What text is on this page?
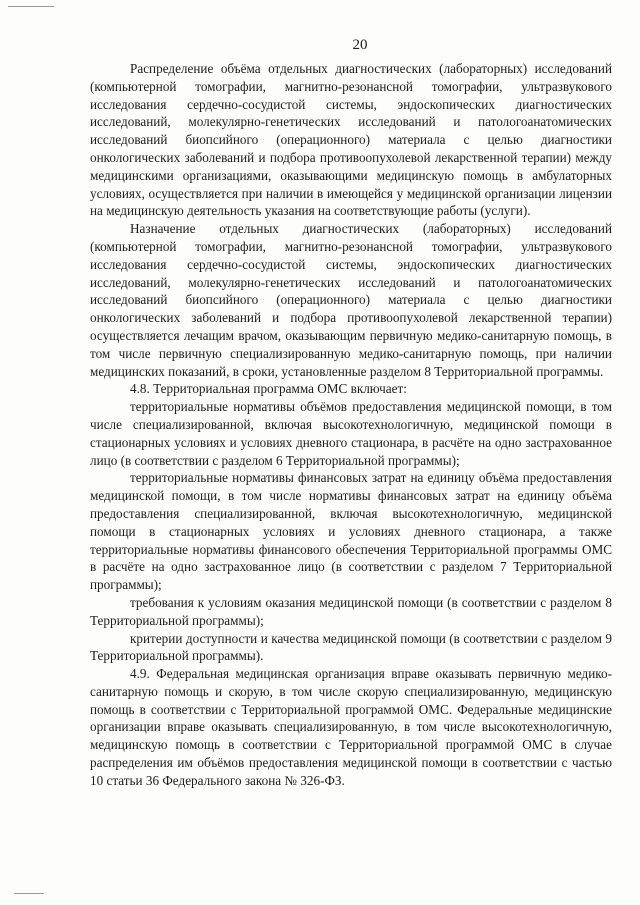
20

Распределение объёма отдельных диагностических (лабораторных) исследований (компьютерной томографии, магнитно-резонансной томографии, ультразвукового исследования сердечно-сосудистой системы, эндоскопических диагностических исследований, молекулярно-генетических исследований и патологоанатомических исследований биопсийного (операционного) материала с целью диагностики онкологических заболеваний и подбора противоопухолевой лекарственной терапии) между медицинскими организациями, оказывающими медицинскую помощь в амбулаторных условиях, осуществляется при наличии в имеющейся у медицинской организации лицензии на медицинскую деятельность указания на соответствующие работы (услуги).

Назначение отдельных диагностических (лабораторных) исследований (компьютерной томографии, магнитно-резонансной томографии, ультразвукового исследования сердечно-сосудистой системы, эндоскопических диагностических исследований, молекулярно-генетических исследований и патологоанатомических исследований биопсийного (операционного) материала с целью диагностики онкологических заболеваний и подбора противоопухолевой лекарственной терапии) осуществляется лечащим врачом, оказывающим первичную медико-санитарную помощь, в том числе первичную специализированную медико-санитарную помощь, при наличии медицинских показаний, в сроки, установленные разделом 8 Территориальной программы.

4.8. Территориальная программа ОМС включает:

территориальные нормативы объёмов предоставления медицинской помощи, в том числе специализированной, включая высокотехнологичную, медицинской помощи в стационарных условиях и условиях дневного стационара, в расчёте на одно застрахованное лицо (в соответствии с разделом 6 Территориальной программы);

территориальные нормативы финансовых затрат на единицу объёма предоставления медицинской помощи, в том числе нормативы финансовых затрат на единицу объёма предоставления специализированной, включая высокотехнологичную, медицинской помощи в стационарных условиях и условиях дневного стационара, а также территориальные нормативы финансового обеспечения Территориальной программы ОМС в расчёте на одно застрахованное лицо (в соответствии с разделом 7 Территориальной программы);

требования к условиям оказания медицинской помощи (в соответствии с разделом 8 Территориальной программы);

критерии доступности и качества медицинской помощи (в соответствии с разделом 9 Территориальной программы).

4.9. Федеральная медицинская организация вправе оказывать первичную медико-санитарную помощь и скорую, в том числе скорую специализированную, медицинскую помощь в соответствии с Территориальной программой ОМС. Федеральные медицинские организации вправе оказывать специализированную, в том числе высокотехнологичную, медицинскую помощь в соответствии с Территориальной программой ОМС в случае распределения им объёмов предоставления медицинской помощи в соответствии с частью 10 статьи 36 Федерального закона № 326-ФЗ.
